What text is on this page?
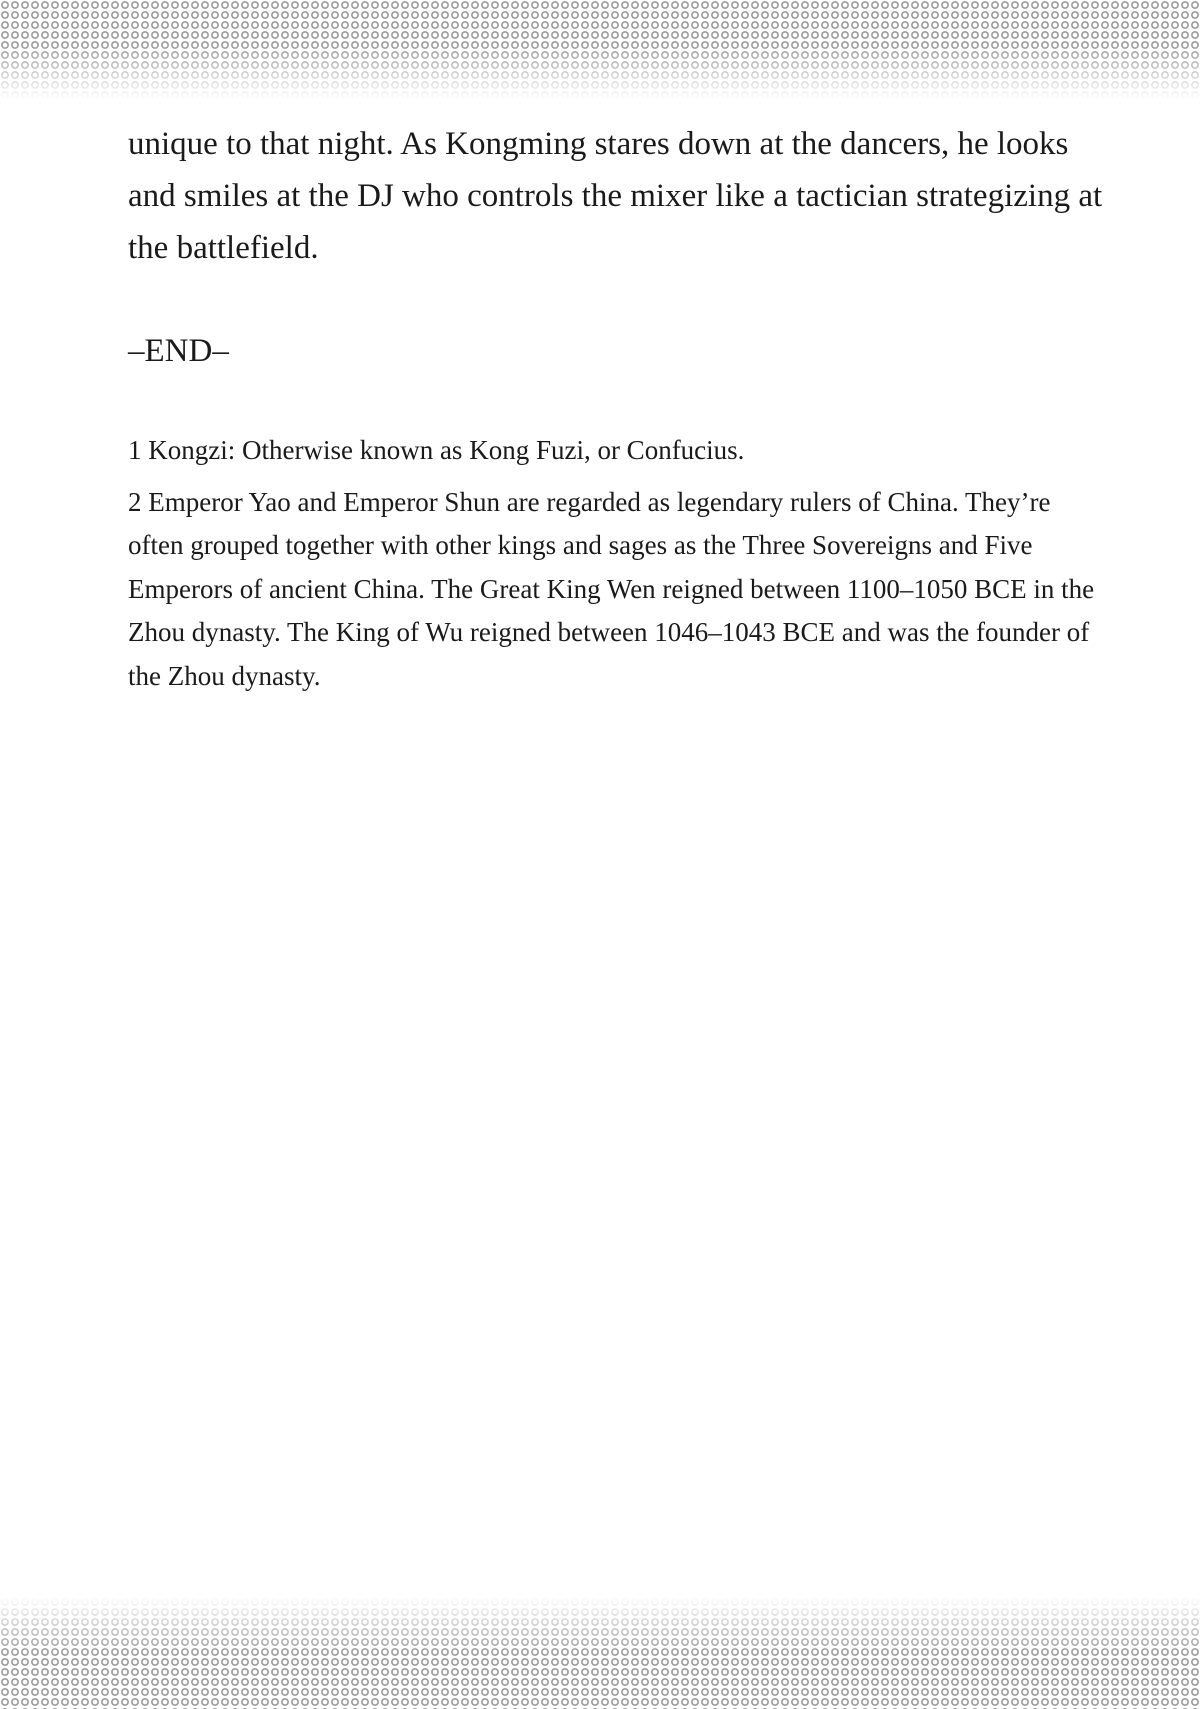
unique to that night. As Kongming stares down at the dancers, he looks and smiles at the DJ who controls the mixer like a tactician strategizing at the battlefield.

–END–

1 Kongzi: Otherwise known as Kong Fuzi, or Confucius.

2 Emperor Yao and Emperor Shun are regarded as legendary rulers of China. They’re often grouped together with other kings and sages as the Three Sovereigns and Five Emperors of ancient China. The Great King Wen reigned between 1100–1050 BCE in the Zhou dynasty. The King of Wu reigned between 1046–1043 BCE and was the founder of the Zhou dynasty.
